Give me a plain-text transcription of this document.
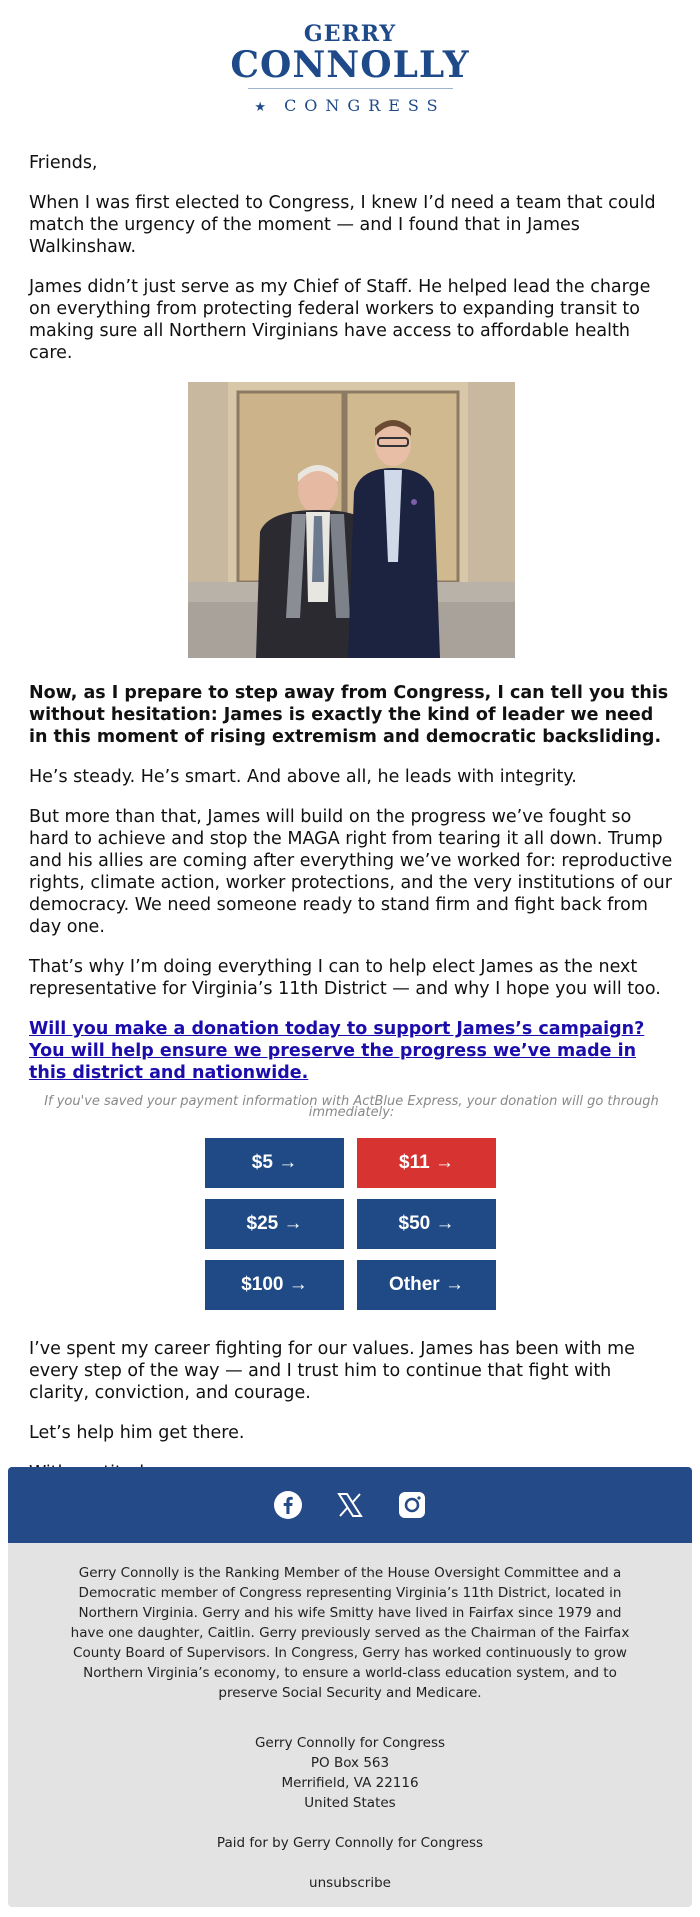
GERRY
CONNOLLY
★CONGRESS

Friends,

When I was first elected to Congress, I knew I’d need a team that could match the urgency of the moment — and I found that in James Walkinshaw.

James didn’t just serve as my Chief of Staff. He helped lead the charge on everything from protecting federal workers to expanding transit to making sure all Northern Virginians have access to affordable health care.

Now, as I prepare to step away from Congress, I can tell you this without hesitation: James is exactly the kind of leader we need in this moment of rising extremism and democratic backsliding.

He’s steady. He’s smart. And above all, he leads with integrity.

But more than that, James will build on the progress we’ve fought so hard to achieve and stop the MAGA right from tearing it all down. Trump and his allies are coming after everything we’ve worked for: reproductive rights, climate action, worker protections, and the very institutions of our democracy. We need someone ready to stand firm and fight back from day one.

That’s why I’m doing everything I can to help elect James as the next representative for Virginia’s 11th District — and why I hope you will too.

Will you make a donation today to support James’s campaign? You will help ensure we preserve the progress we’ve made in this district and nationwide.

If you've saved your payment information with ActBlue Express, your donation will go through immediately:

$5 →	$11 →
$25 →	$50 →
$100 →	Other →

I’ve spent my career fighting for our values. James has been with me every step of the way — and I trust him to continue that fight with clarity, conviction, and courage.

Let’s help him get there.

Gerry Connolly is the Ranking Member of the House Oversight Committee and a Democratic member of Congress representing Virginia’s 11th District, located in Northern Virginia. Gerry and his wife Smitty have lived in Fairfax since 1979 and have one daughter, Caitlin. Gerry previously served as the Chairman of the Fairfax County Board of Supervisors. In Congress, Gerry has worked continuously to grow Northern Virginia’s economy, to ensure a world-class education system, and to preserve Social Security and Medicare.
Gerry Connolly for Congress
PO Box 563
Merrifield, VA 22116
United States
Paid for by Gerry Connolly for Congress
unsubscribe
